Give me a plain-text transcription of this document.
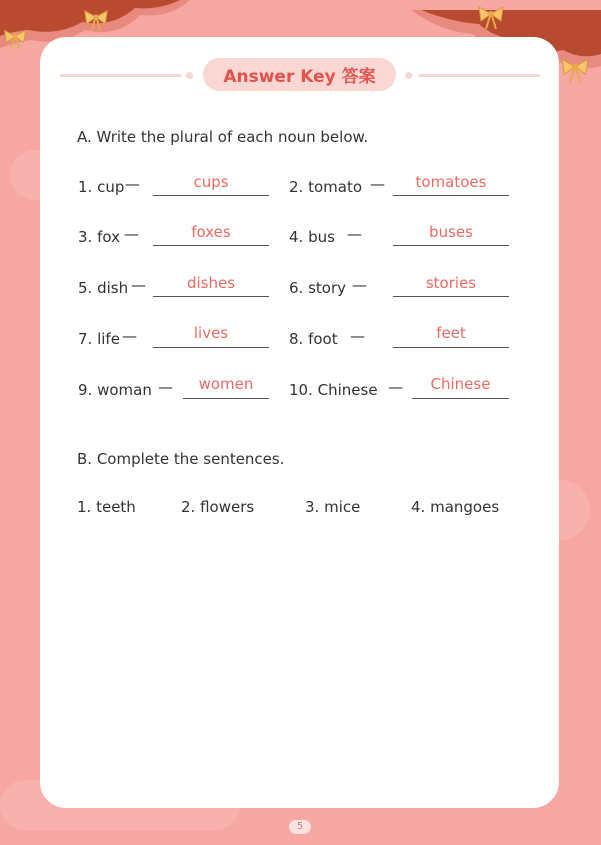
Answer Key 答案
A. Write the plural of each noun below.
1. cup —	cups	2. tomato —	tomatoes
3. fox —	foxes	4. bus —	buses
5. dish —	dishes	6. story —	stories
7. life —	lives	8. foot —	feet
9. woman —	women	10. Chinese —	Chinese
B. Complete the sentences.
1. teeth	2. flowers	3. mice	4. mangoes
5
